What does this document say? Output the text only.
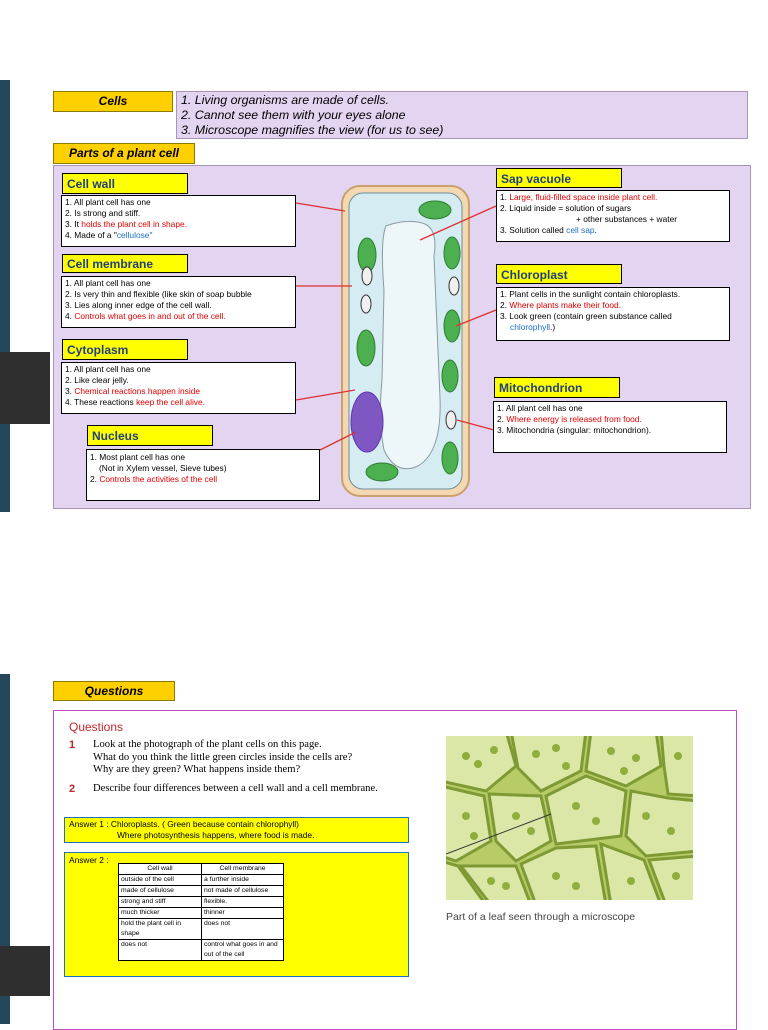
Cells	1. Living organisms are made of cells.
2. Cannot see them with your eyes alone
3. Microscope magnifies the view (for us to see)
Parts of a plant cell
Cell wall
1. All plant cell has one
2. Is strong and stiff.
3. It holds the plant cell in shape.
4. Made of a "cellulose"
Cell membrane
1. All plant cell has one
2. Is very thin and flexible (like skin of soap bubble
3. Lies along inner edge of the cell wall.
4. Controls what goes in and out of the cell.
Cytoplasm
1. All plant cell has one
2. Like clear jelly.
3. Chemical reactions happen inside
4. These reactions keep the cell alive.
Nucleus
1. Most plant cell has one
(Not in Xylem vessel, Sieve tubes)
2. Controls the activities of the cell
Sap vacuole
1. Large, fluid-filled space inside plant cell.
2. Liquid inside = solution of sugars
+ other substances + water
3. Solution called cell sap.
Chloroplast
1. Plant cells in the sunlight contain chloroplasts.
2. Where plants make their food.
3. Look green (contain green substance called
chlorophyll.)
Mitochondrion
1. All plant cell has one
2. Where energy is released from food.
3. Mitochondria (singular: mitochondrion).
Questions
Questions
1 Look at the photograph of the plant cells on this page.
What do you think the little green circles inside the cells are?
Why are they green? What happens inside them?
2 Describe four differences between a cell wall and a cell membrane.
Answer 1 : Chloroplasts. ( Green because contain chlorophyll)
Where photosynthesis happens, where food is made.
Answer 2 :
Cell wall	Cell membrane
outside of the cell	a further inside
made of cellulose	not made of cellulose
strong and stiff	flexible.
much thicker	thinner
hold the plant cell in shape	does not
does not	control what goes in and out of the cell
Part of a leaf seen through a microscope
